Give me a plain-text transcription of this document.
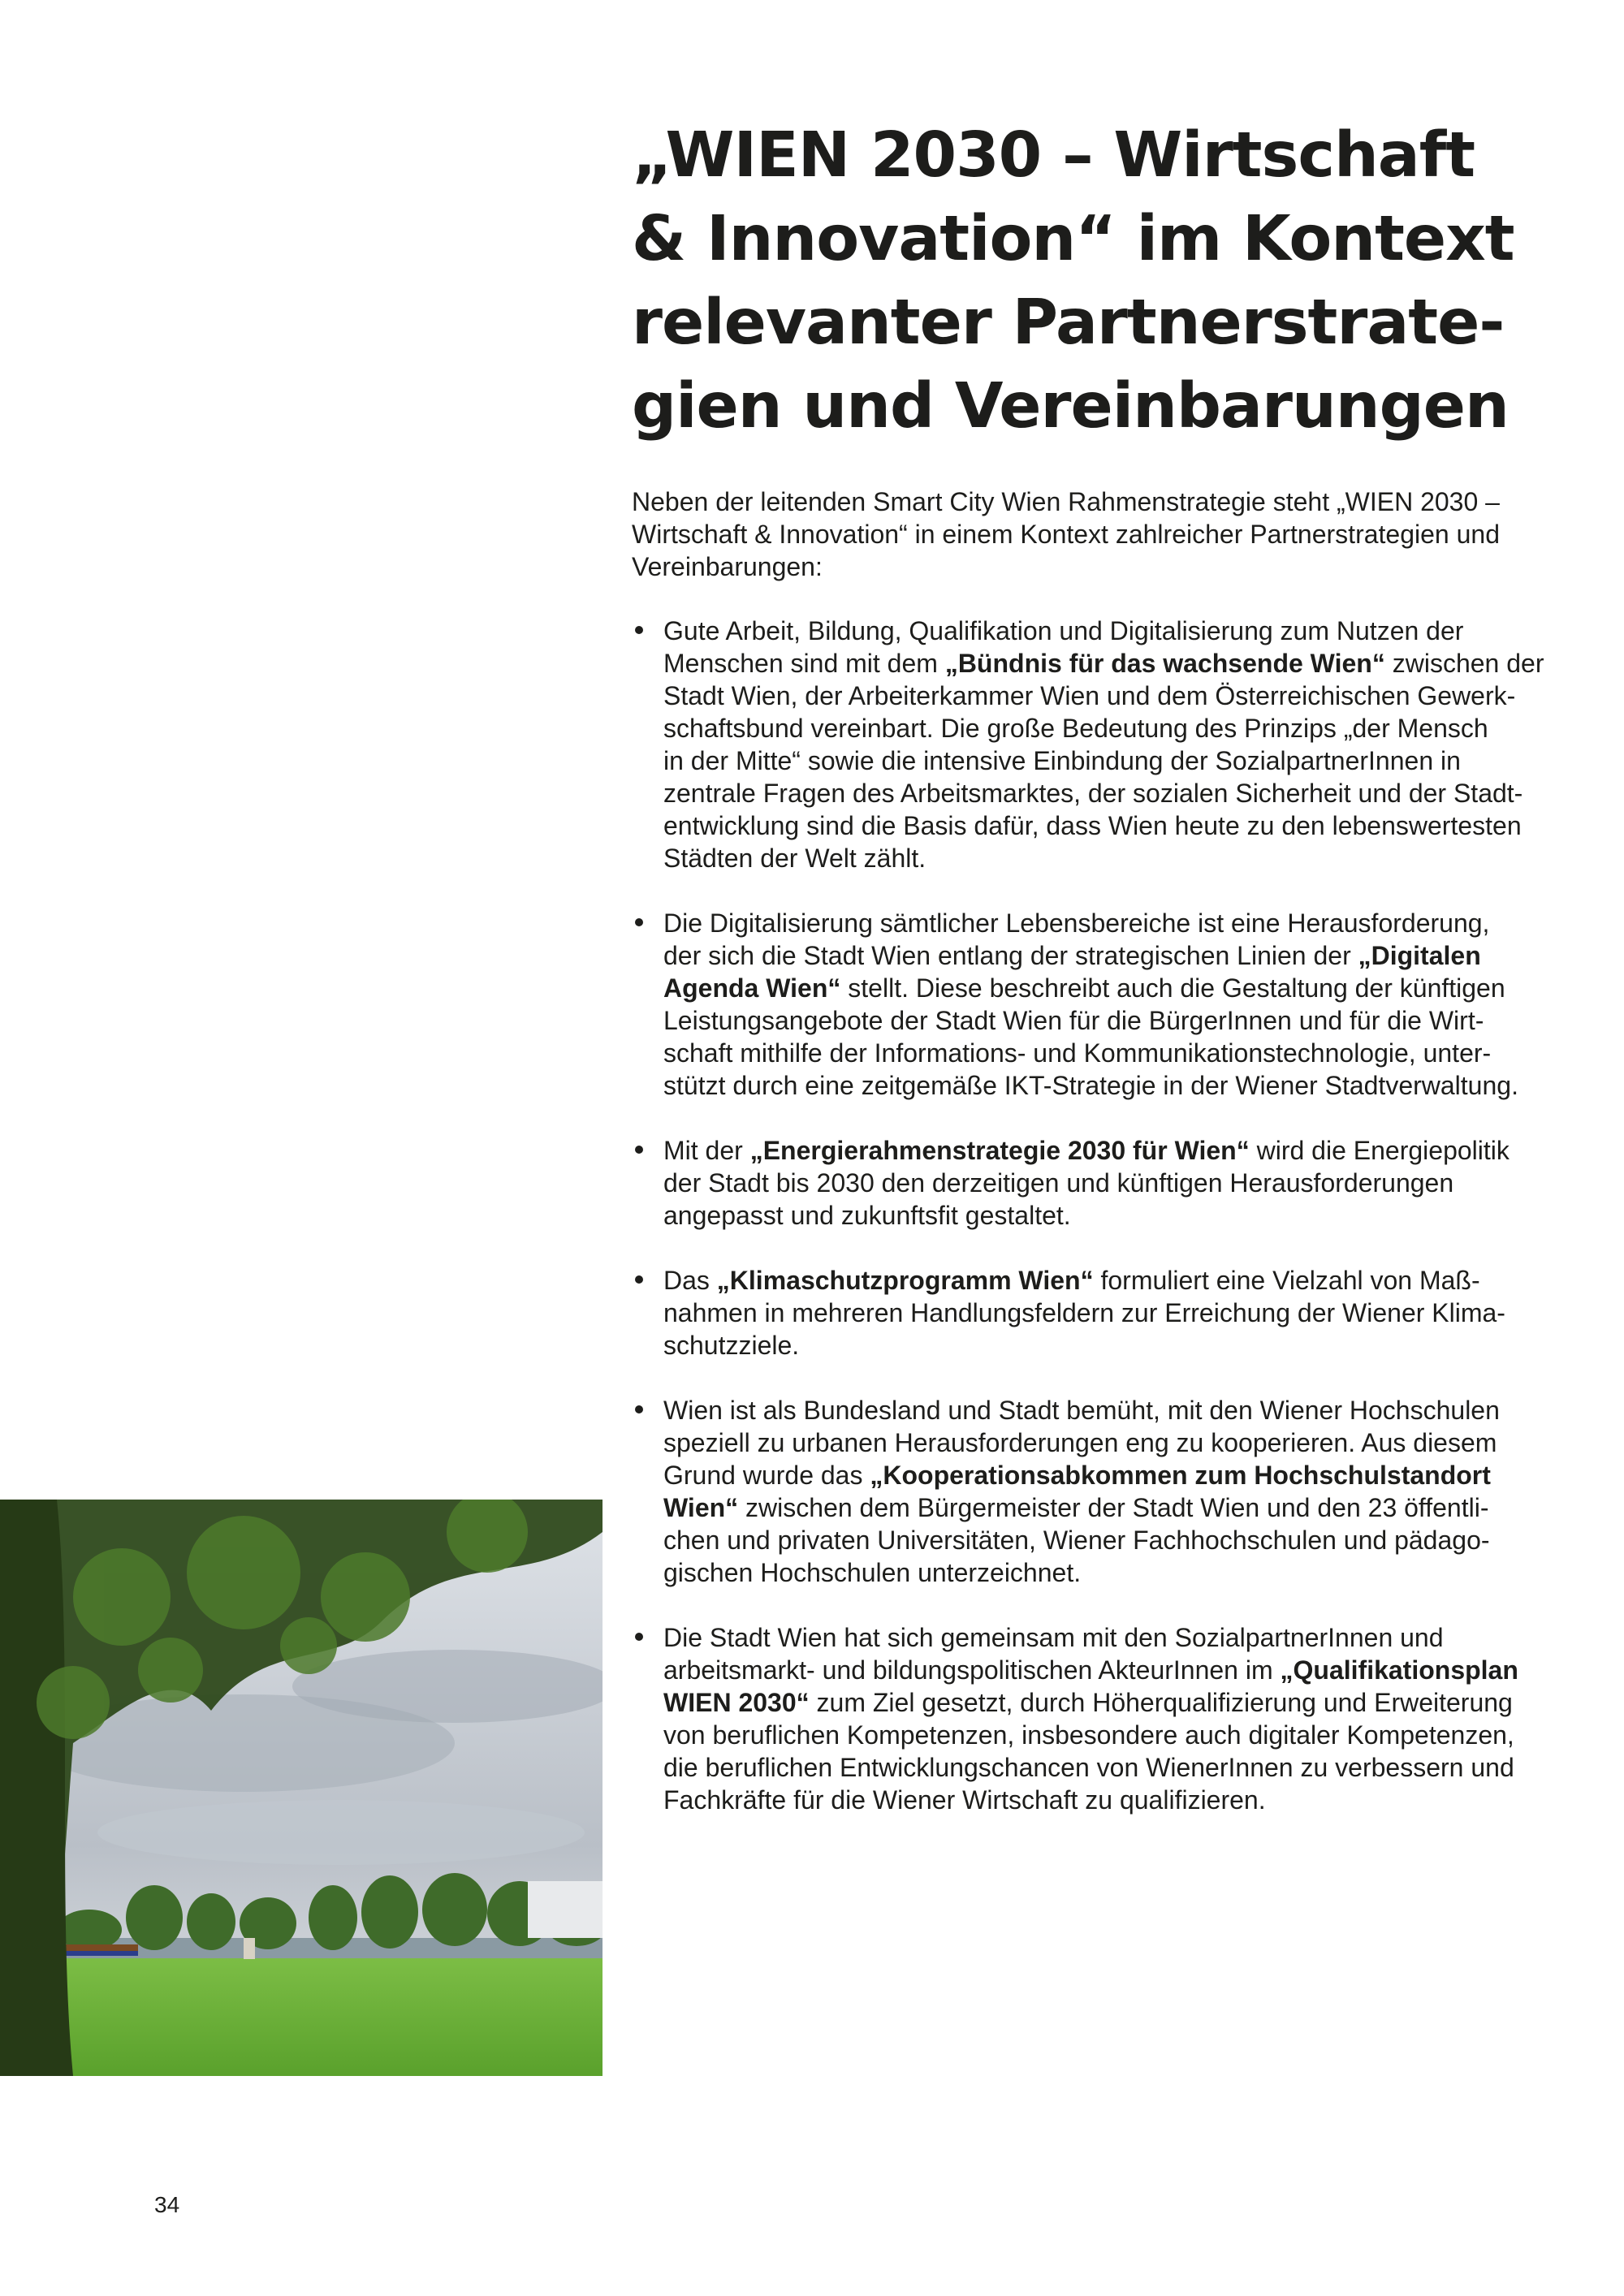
„WIEN 2030 – Wirtschaft
& Innovation“ im Kontext
relevanter Partnerstrate-
gien und Vereinbarungen

Neben der leitenden Smart City Wien Rahmenstrategie steht „WIEN 2030 –
Wirtschaft & Innovation“ in einem Kontext zahlreicher Partnerstrategien und
Vereinbarungen:

Gute Arbeit, Bildung, Qualifikation und Digitalisierung zum Nutzen der
Menschen sind mit dem „Bündnis für das wachsende Wien“ zwischen der
Stadt Wien, der Arbeiterkammer Wien und dem Österreichischen Gewerk-
schaftsbund vereinbart. Die große Bedeutung des Prinzips „der Mensch
in der Mitte“ sowie die intensive Einbindung der SozialpartnerInnen in
zentrale Fragen des Arbeitsmarktes, der sozialen Sicherheit und der Stadt-
entwicklung sind die Basis dafür, dass Wien heute zu den lebenswertesten
Städten der Welt zählt.
Die Digitalisierung sämtlicher Lebensbereiche ist eine Herausforderung,
der sich die Stadt Wien entlang der strategischen Linien der „Digitalen
Agenda Wien“ stellt. Diese beschreibt auch die Gestaltung der künftigen
Leistungsangebote der Stadt Wien für die BürgerInnen und für die Wirt-
schaft mithilfe der Informations- und Kommunikationstechnologie, unter-
stützt durch eine zeitgemäße IKT-Strategie in der Wiener Stadtverwaltung.
Mit der „Energierahmenstrategie 2030 für Wien“ wird die Energiepolitik
der Stadt bis 2030 den derzeitigen und künftigen Herausforderungen
angepasst und zukunftsfit gestaltet.
Das „Klimaschutzprogramm Wien“ formuliert eine Vielzahl von Maß-
nahmen in mehreren Handlungsfeldern zur Erreichung der Wiener Klima-
schutzziele.
Wien ist als Bundesland und Stadt bemüht, mit den Wiener Hochschulen
speziell zu urbanen Herausforderungen eng zu kooperieren. Aus diesem
Grund wurde das „Kooperationsabkommen zum Hochschulstandort
Wien“ zwischen dem Bürgermeister der Stadt Wien und den 23 öffentli-
chen und privaten Universitäten, Wiener Fachhochschulen und pädago-
gischen Hochschulen unterzeichnet.
Die Stadt Wien hat sich gemeinsam mit den SozialpartnerInnen und
arbeitsmarkt- und bildungspolitischen AkteurInnen im „Qualifikationsplan
WIEN 2030“ zum Ziel gesetzt, durch Höherqualifizierung und Erweiterung
von beruflichen Kompetenzen, insbesondere auch digitaler Kompetenzen,
die beruflichen Entwicklungschancen von WienerInnen zu verbessern und
Fachkräfte für die Wiener Wirtschaft zu qualifizieren.
34
